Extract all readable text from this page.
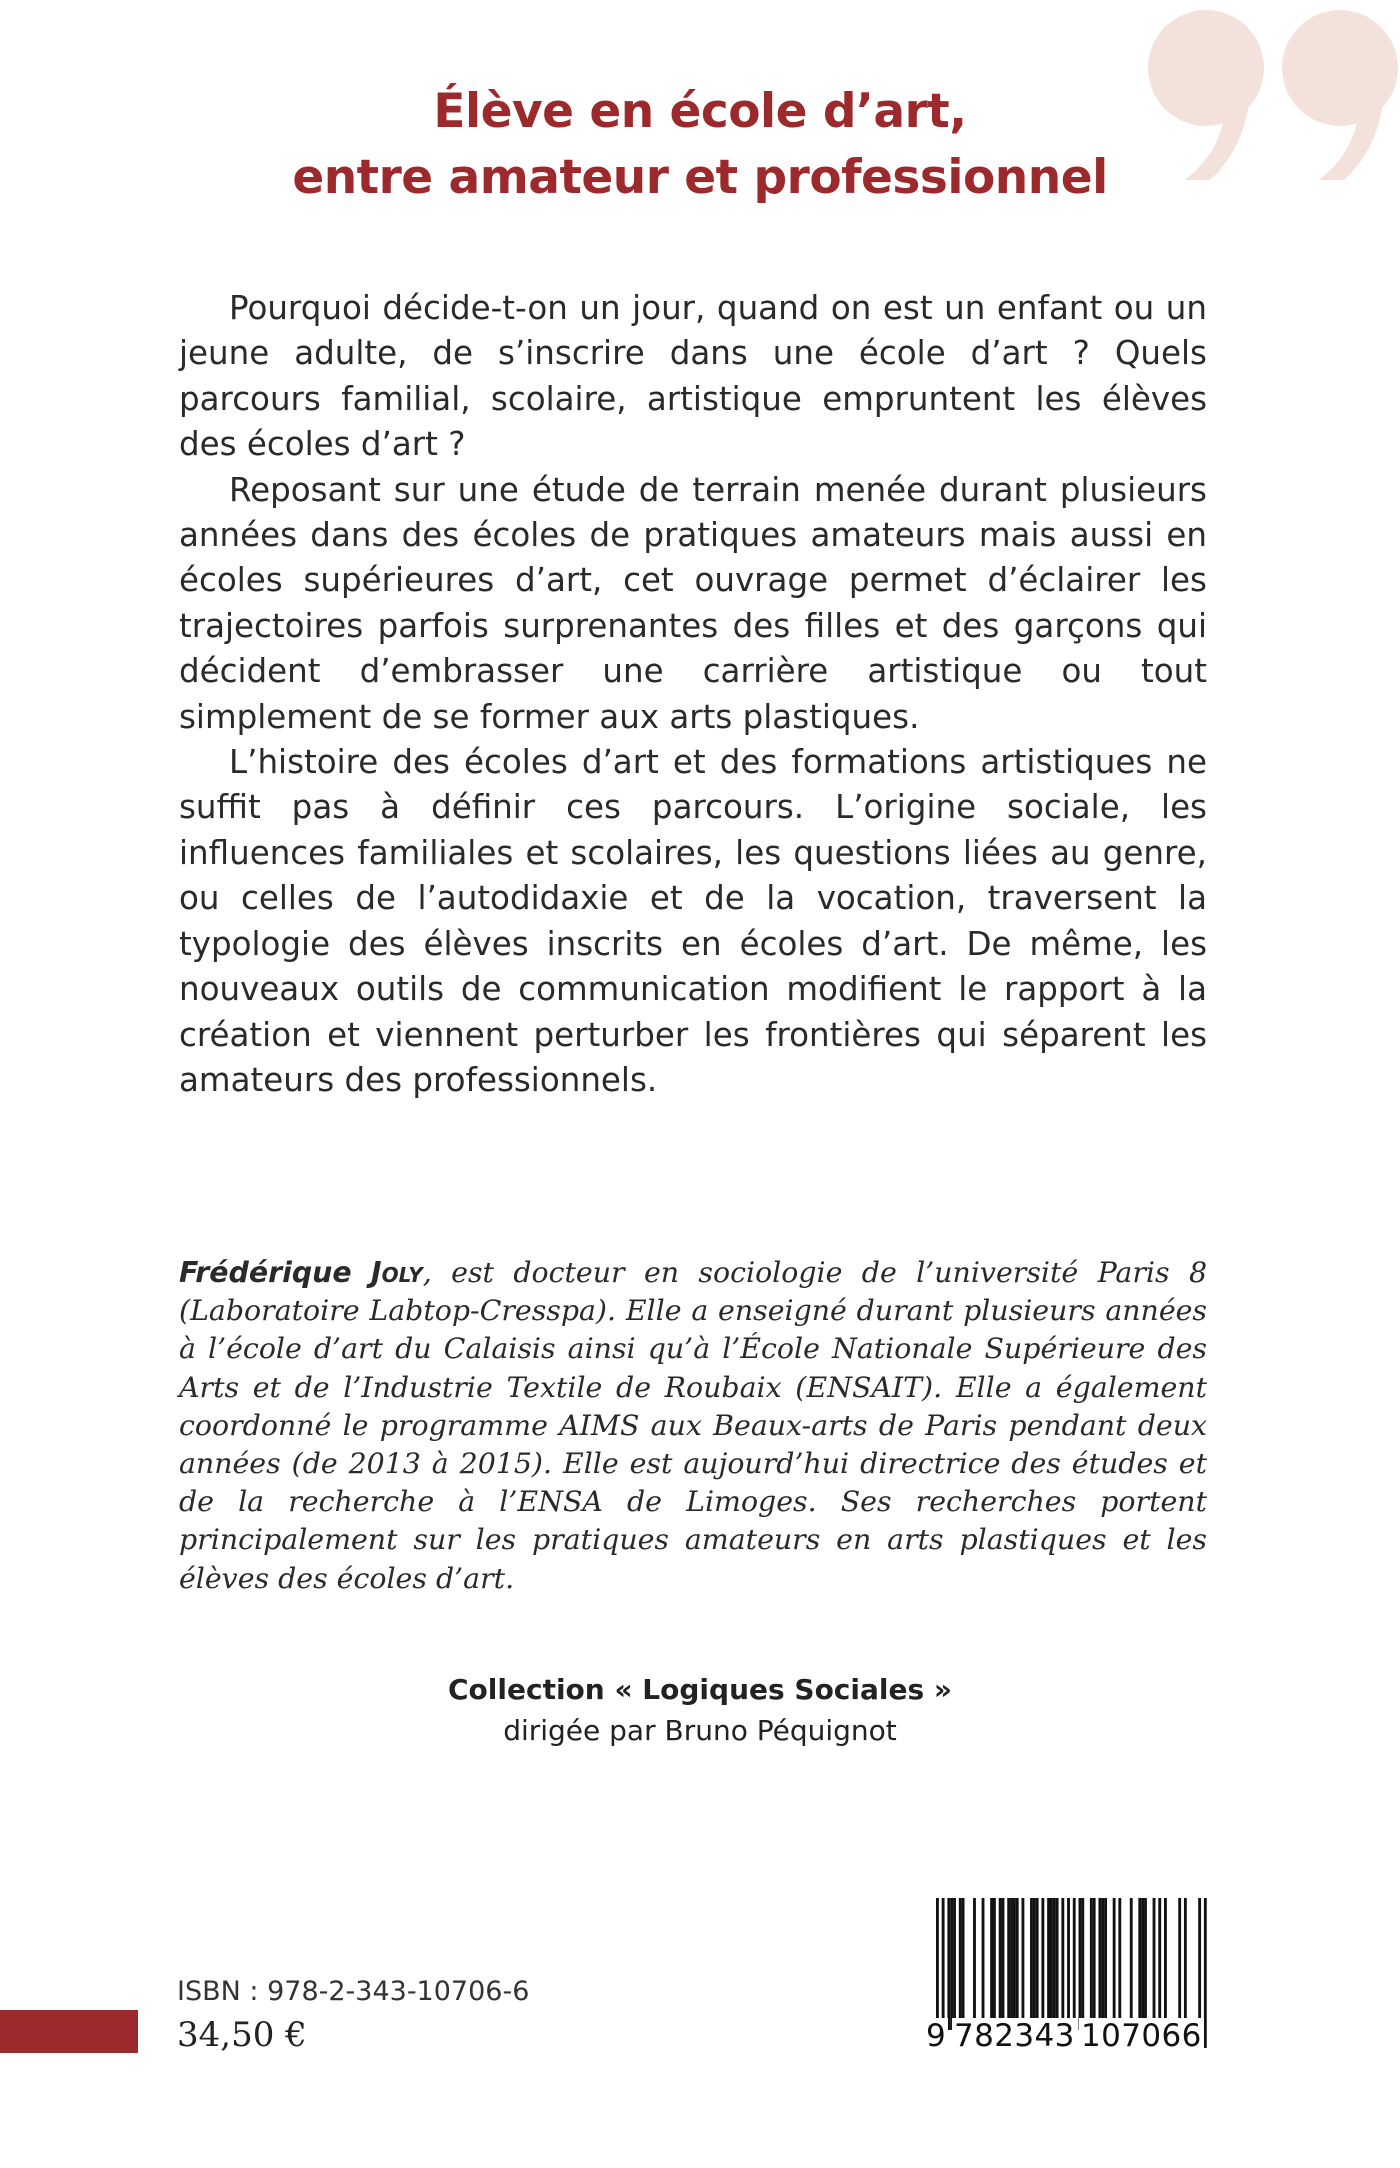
Élève en école d’art,
entre amateur et professionnel

Pourquoi décide-t-on un jour, quand on est un enfant ou un jeune adulte, de s’inscrire dans une école d’art ? Quels parcours familial, scolaire, artistique empruntent les élèves des écoles d’art ?

Reposant sur une étude de terrain menée durant plusieurs années dans des écoles de pratiques amateurs mais aussi en écoles supérieures d’art, cet ouvrage permet d’éclairer les trajectoires parfois surprenantes des filles et des garçons qui décident d’embrasser une carrière artistique ou tout simplement de se former aux arts plastiques.

L’histoire des écoles d’art et des formations artistiques ne suffit pas à définir ces parcours. L’origine sociale, les influences familiales et scolaires, les questions liées au genre, ou celles de l’autodidaxie et de la vocation, traversent la typologie des élèves inscrits en écoles d’art. De même, les nouveaux outils de communication modifient le rapport à la création et viennent perturber les frontières qui séparent les amateurs des professionnels.

Frédérique Joly, est docteur en sociologie de l’université Paris 8 (Laboratoire Labtop-Cresspa). Elle a enseigné durant plusieurs années à l’école d’art du Calaisis ainsi qu’à l’École Nationale Supérieure des Arts et de l’Industrie Textile de Roubaix (ENSAIT). Elle a également coordonné le programme AIMS aux Beaux-arts de Paris pendant deux années (de 2013 à 2015). Elle est aujourd’hui directrice des études et de la recherche à l’ENSA de Limoges. Ses recherches portent principalement sur les pratiques amateurs en arts plastiques et les élèves des écoles d’art.
Collection « Logiques Sociales »
dirigée par Bruno Péquignot
ISBN : 978-2-343-10706-6
34,50 €	9 782343 107066
